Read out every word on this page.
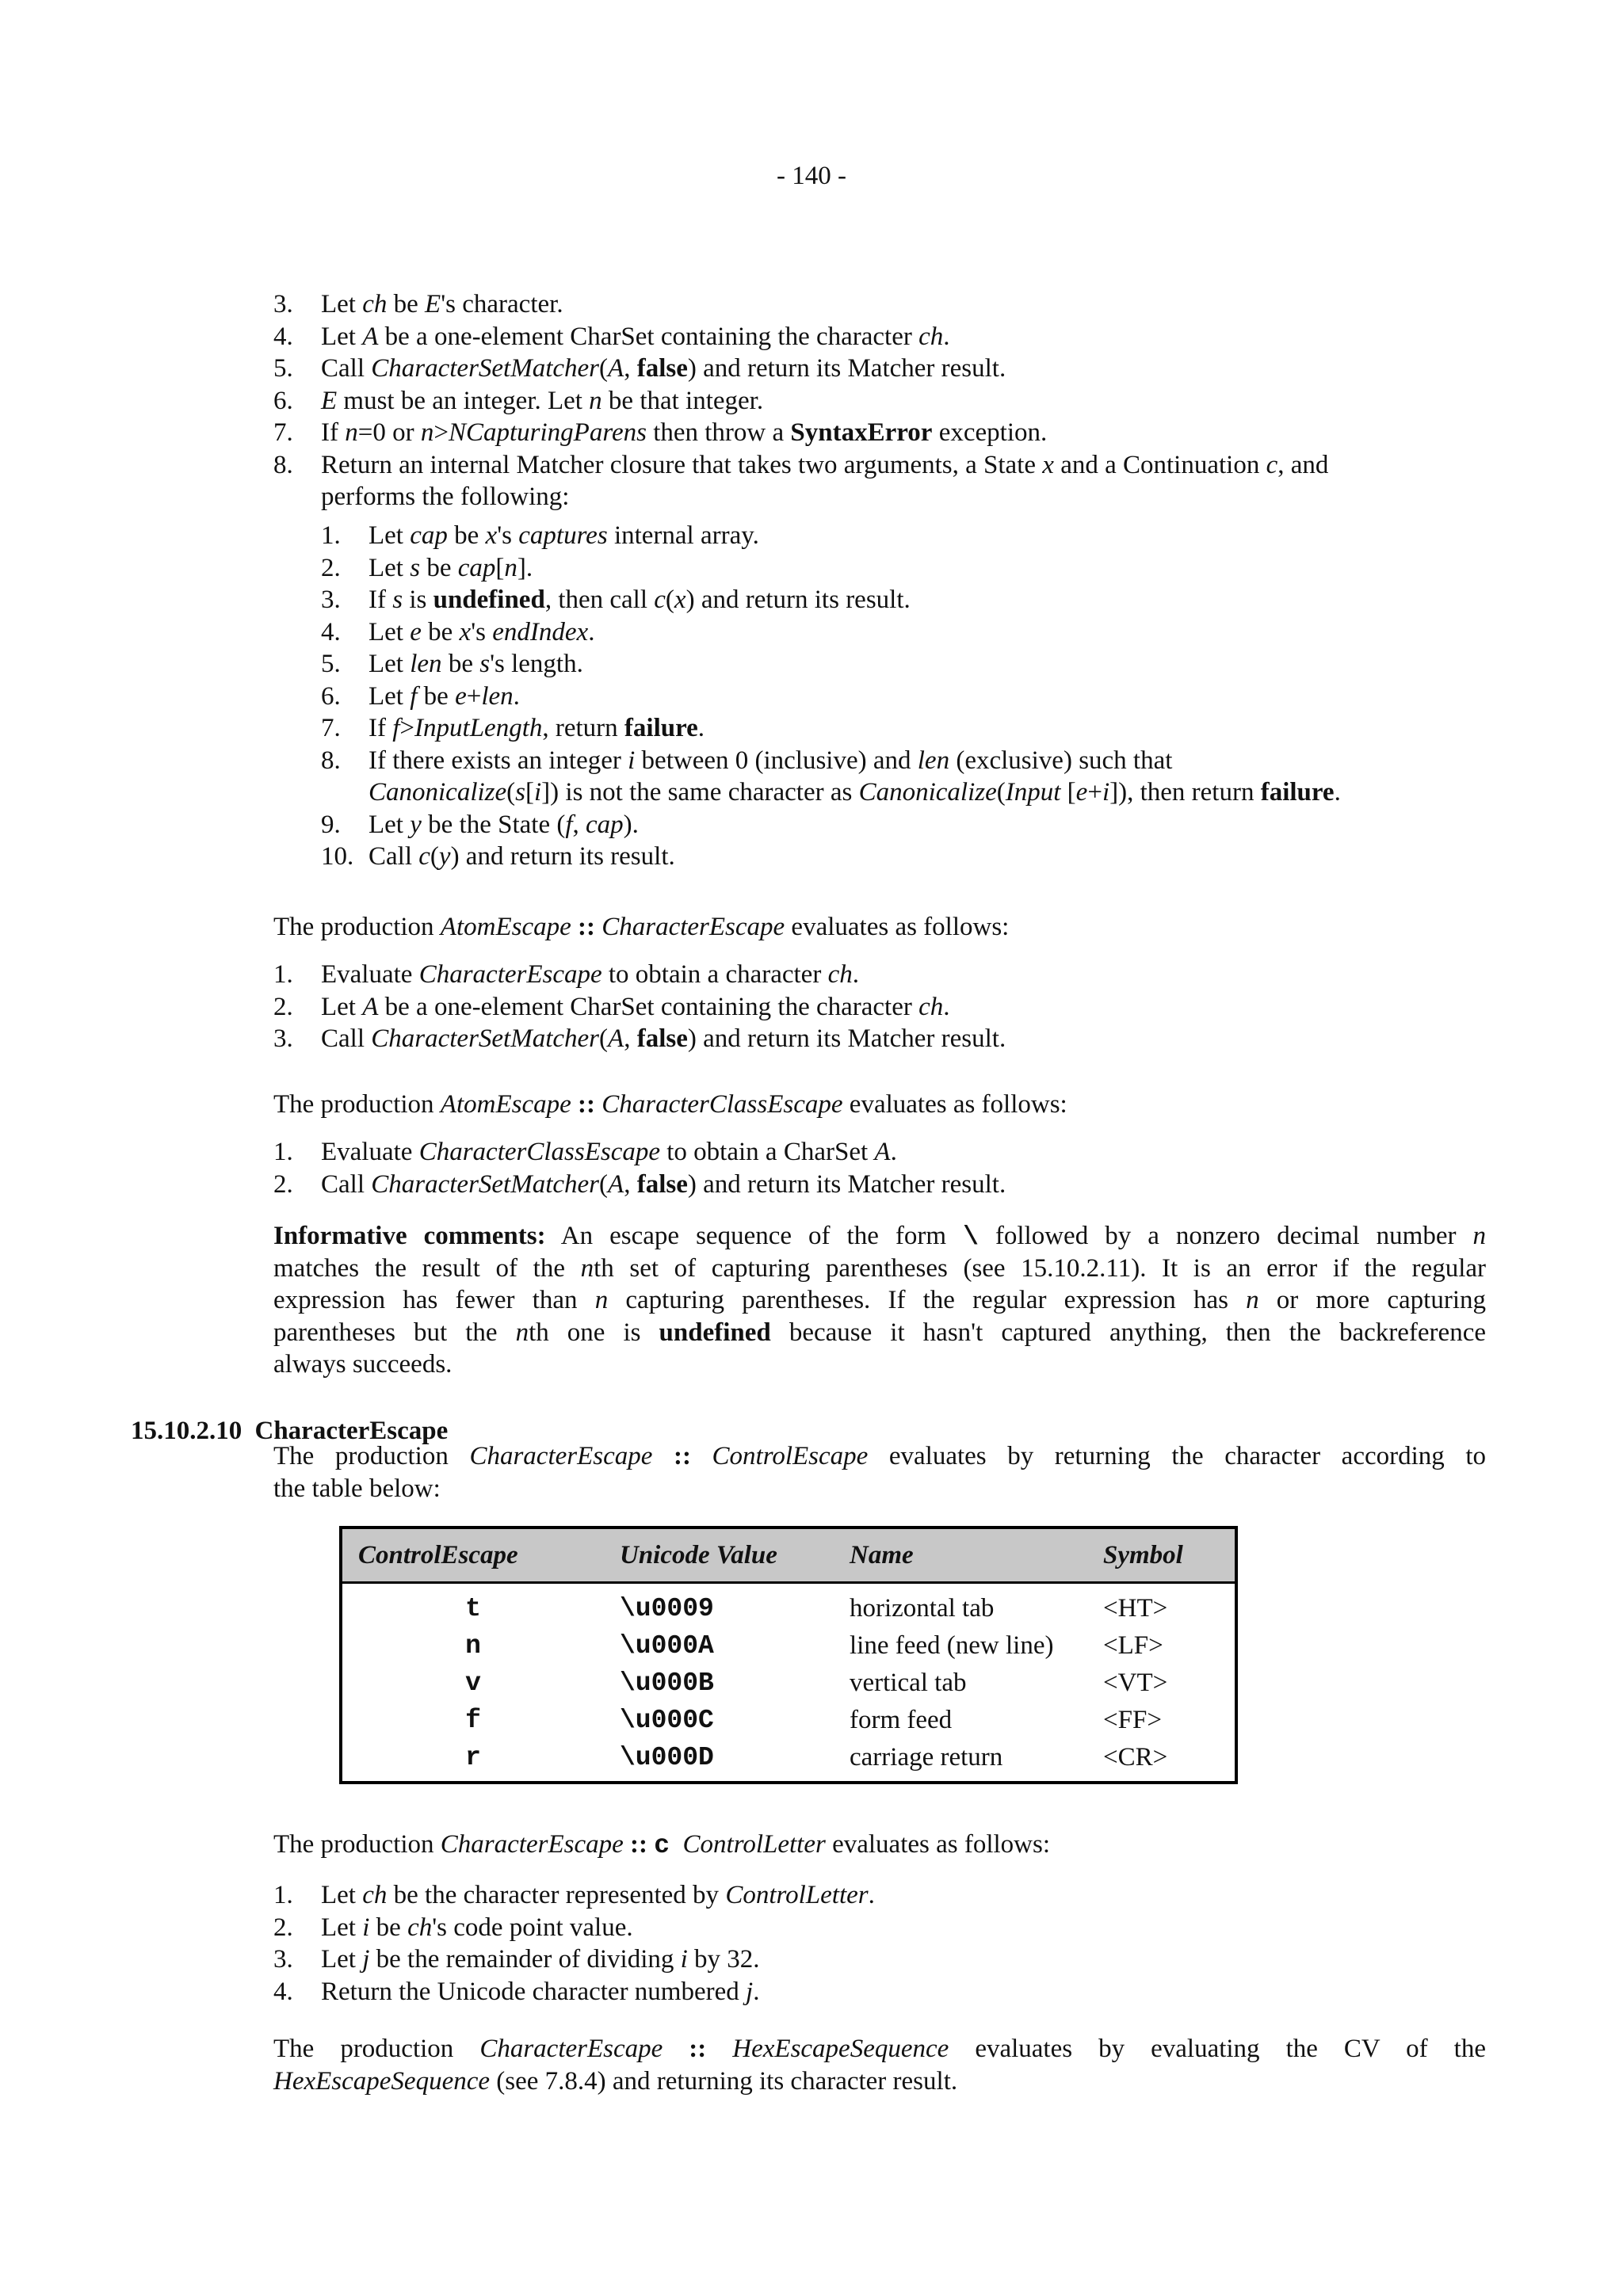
- 140 -
3. Let ch be E's character.
4. Let A be a one-element CharSet containing the character ch.
5. Call CharacterSetMatcher(A, false) and return its Matcher result.
6. E must be an integer. Let n be that integer.
7. If n=0 or n>NCapturingParens then throw a SyntaxError exception.
8. Return an internal Matcher closure that takes two arguments, a State x and a Continuation c, and
performs the following:
1. Let cap be x's captures internal array.
2. Let s be cap[n].
3. If s is undefined, then call c(x) and return its result.
4. Let e be x's endIndex.
5. Let len be s's length.
6. Let f be e+len.
7. If f>InputLength, return failure.
8. If there exists an integer i between 0 (inclusive) and len (exclusive) such that
Canonicalize(s[i]) is not the same character as Canonicalize(Input [e+i]), then return failure.
9. Let y be the State (f, cap).
10. Call c(y) and return its result.
The production AtomEscape :: CharacterEscape evaluates as follows:
1. Evaluate CharacterEscape to obtain a character ch.
2. Let A be a one-element CharSet containing the character ch.
3. Call CharacterSetMatcher(A, false) and return its Matcher result.
The production AtomEscape :: CharacterClassEscape evaluates as follows:
1. Evaluate CharacterClassEscape to obtain a CharSet A.
2. Call CharacterSetMatcher(A, false) and return its Matcher result.
Informative comments: An escape sequence of the form \ followed by a nonzero decimal number n
matches the result of the nth set of capturing parentheses (see 15.10.2.11). It is an error if the regular
expression has fewer than n capturing parentheses. If the regular expression has n or more capturing
parentheses but the nth one is undefined because it hasn't captured anything, then the backreference
always succeeds.
15.10.2.10 CharacterEscape
The production CharacterEscape :: ControlEscape evaluates by returning the character according to
the table below:
ControlEscape	Unicode Value	Name	Symbol
t	\u0009	horizontal tab	<HT>
n	\u000A	line feed (new line)	<LF>
v	\u000B	vertical tab	<VT>
f	\u000C	form feed	<FF>
r	\u000D	carriage return	<CR>
The production CharacterEscape :: c ControlLetter evaluates as follows:
1. Let ch be the character represented by ControlLetter.
2. Let i be ch's code point value.
3. Let j be the remainder of dividing i by 32.
4. Return the Unicode character numbered j.
The production CharacterEscape :: HexEscapeSequence evaluates by evaluating the CV of the
HexEscapeSequence (see 7.8.4) and returning its character result.
